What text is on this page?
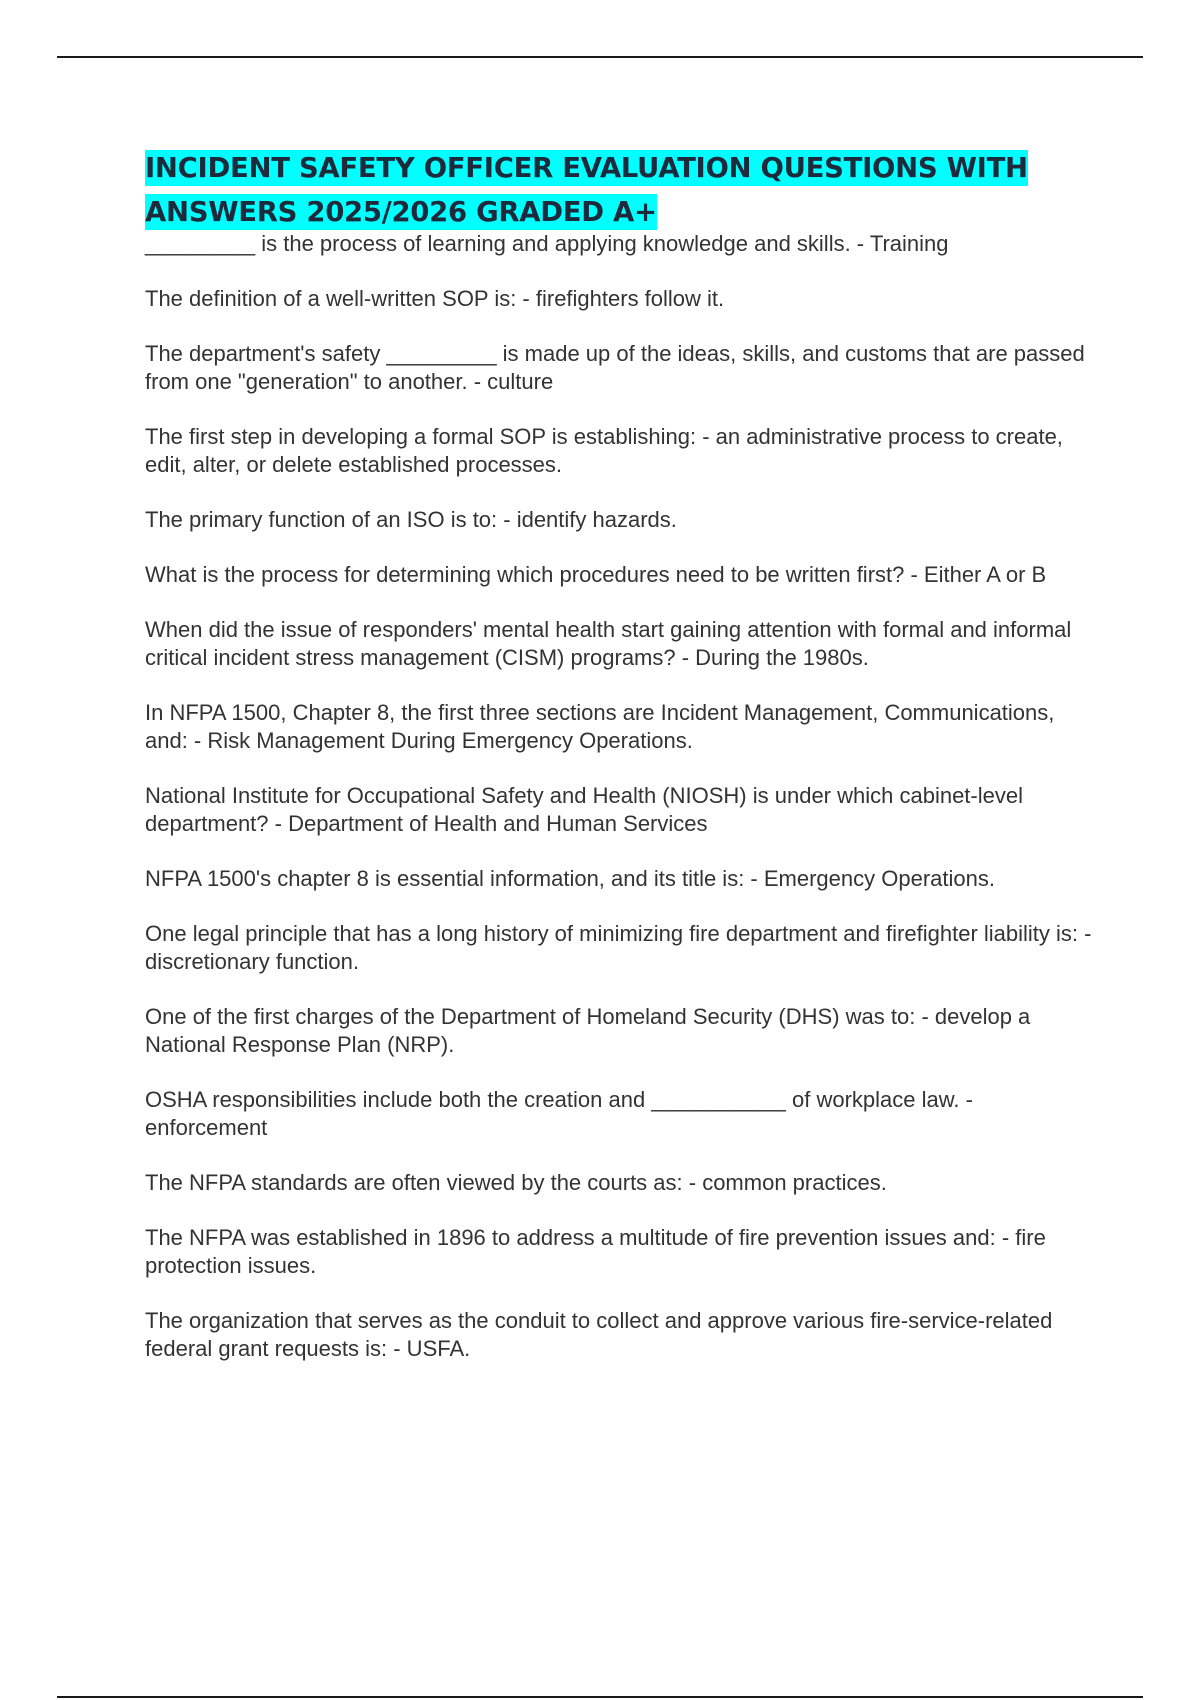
INCIDENT SAFETY OFFICER EVALUATION QUESTIONS WITH ANSWERS 2025/2026 GRADED A+

_________ is the process of learning and applying knowledge and skills. - Training

The definition of a well-written SOP is: - firefighters follow it.

The department's safety _________ is made up of the ideas, skills, and customs that are passed from one "generation" to another. - culture

The first step in developing a formal SOP is establishing: - an administrative process to create, edit, alter, or delete established processes.

The primary function of an ISO is to: - identify hazards.

What is the process for determining which procedures need to be written first? - Either A or B

When did the issue of responders' mental health start gaining attention with formal and informal critical incident stress management (CISM) programs? - During the 1980s.

In NFPA 1500, Chapter 8, the first three sections are Incident Management, Communications, and: - Risk Management During Emergency Operations.

National Institute for Occupational Safety and Health (NIOSH) is under which cabinet-level department? - Department of Health and Human Services

NFPA 1500's chapter 8 is essential information, and its title is: - Emergency Operations.

One legal principle that has a long history of minimizing fire department and firefighter liability is: - discretionary function.

One of the first charges of the Department of Homeland Security (DHS) was to: - develop a National Response Plan (NRP).

OSHA responsibilities include both the creation and ___________ of workplace law. - enforcement

The NFPA standards are often viewed by the courts as: - common practices.

The NFPA was established in 1896 to address a multitude of fire prevention issues and: - fire protection issues.

The organization that serves as the conduit to collect and approve various fire-service-related federal grant requests is: - USFA.
